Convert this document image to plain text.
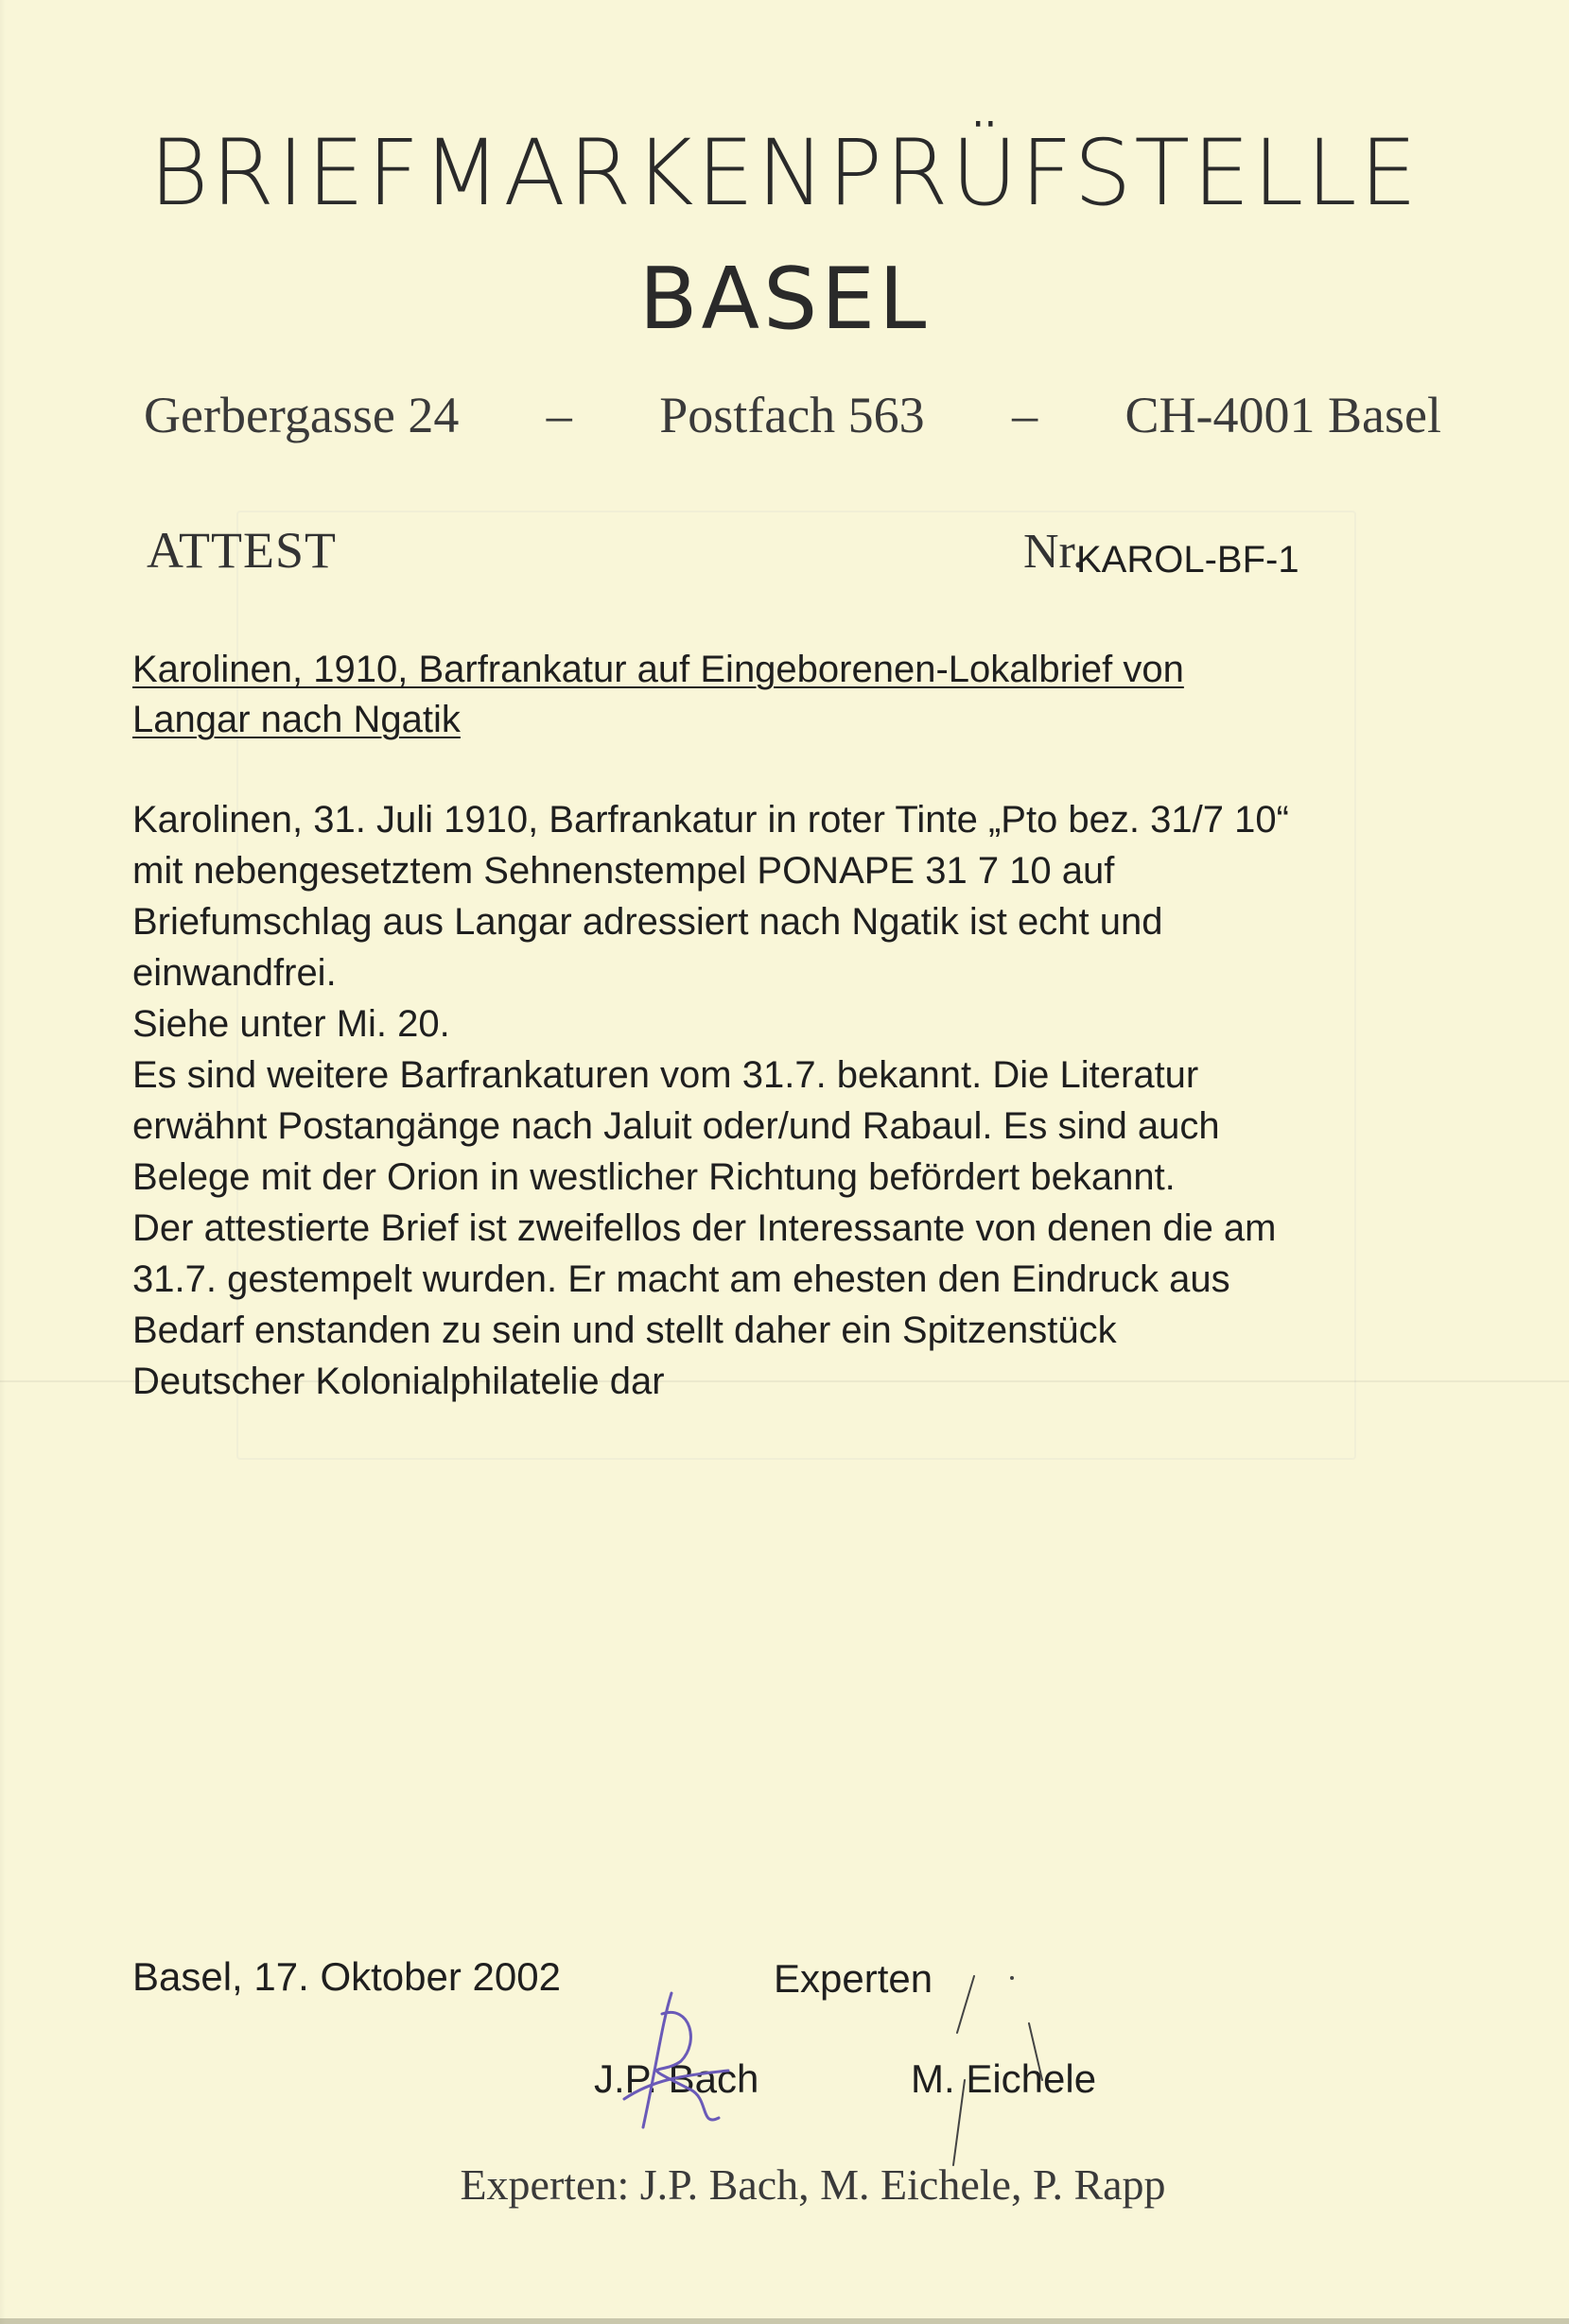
BRIEFMARKENPRÜFSTELLE
BASEL
Gerbergasse 24 – Postfach 563 – CH-4001 Basel
ATTEST	Nr.
KAROL-BF-1
Karolinen, 1910, Barfrankatur auf Eingeborenen-Lokalbrief von
Langar nach Ngatik
Karolinen, 31. Juli 1910, Barfrankatur in roter Tinte „Pto bez. 31/7 10“
mit nebengesetztem Sehnenstempel PONAPE 31 7 10 auf
Briefumschlag aus Langar adressiert nach Ngatik ist echt und
einwandfrei.
Siehe unter Mi. 20.
Es sind weitere Barfrankaturen vom 31.7. bekannt. Die Literatur
erwähnt Postangänge nach Jaluit oder/und Rabaul. Es sind auch
Belege mit der Orion in westlicher Richtung befördert bekannt.
Der attestierte Brief ist zweifellos der Interessante von denen die am
31.7. gestempelt wurden. Er macht am ehesten den Eindruck aus
Bedarf enstanden zu sein und stellt daher ein Spitzenstück
Deutscher Kolonialphilatelie dar
Basel, 17. Oktober 2002	Experten
J.P. Bach	M. Eichele
Experten: J.P. Bach, M. Eichele, P. Rapp
